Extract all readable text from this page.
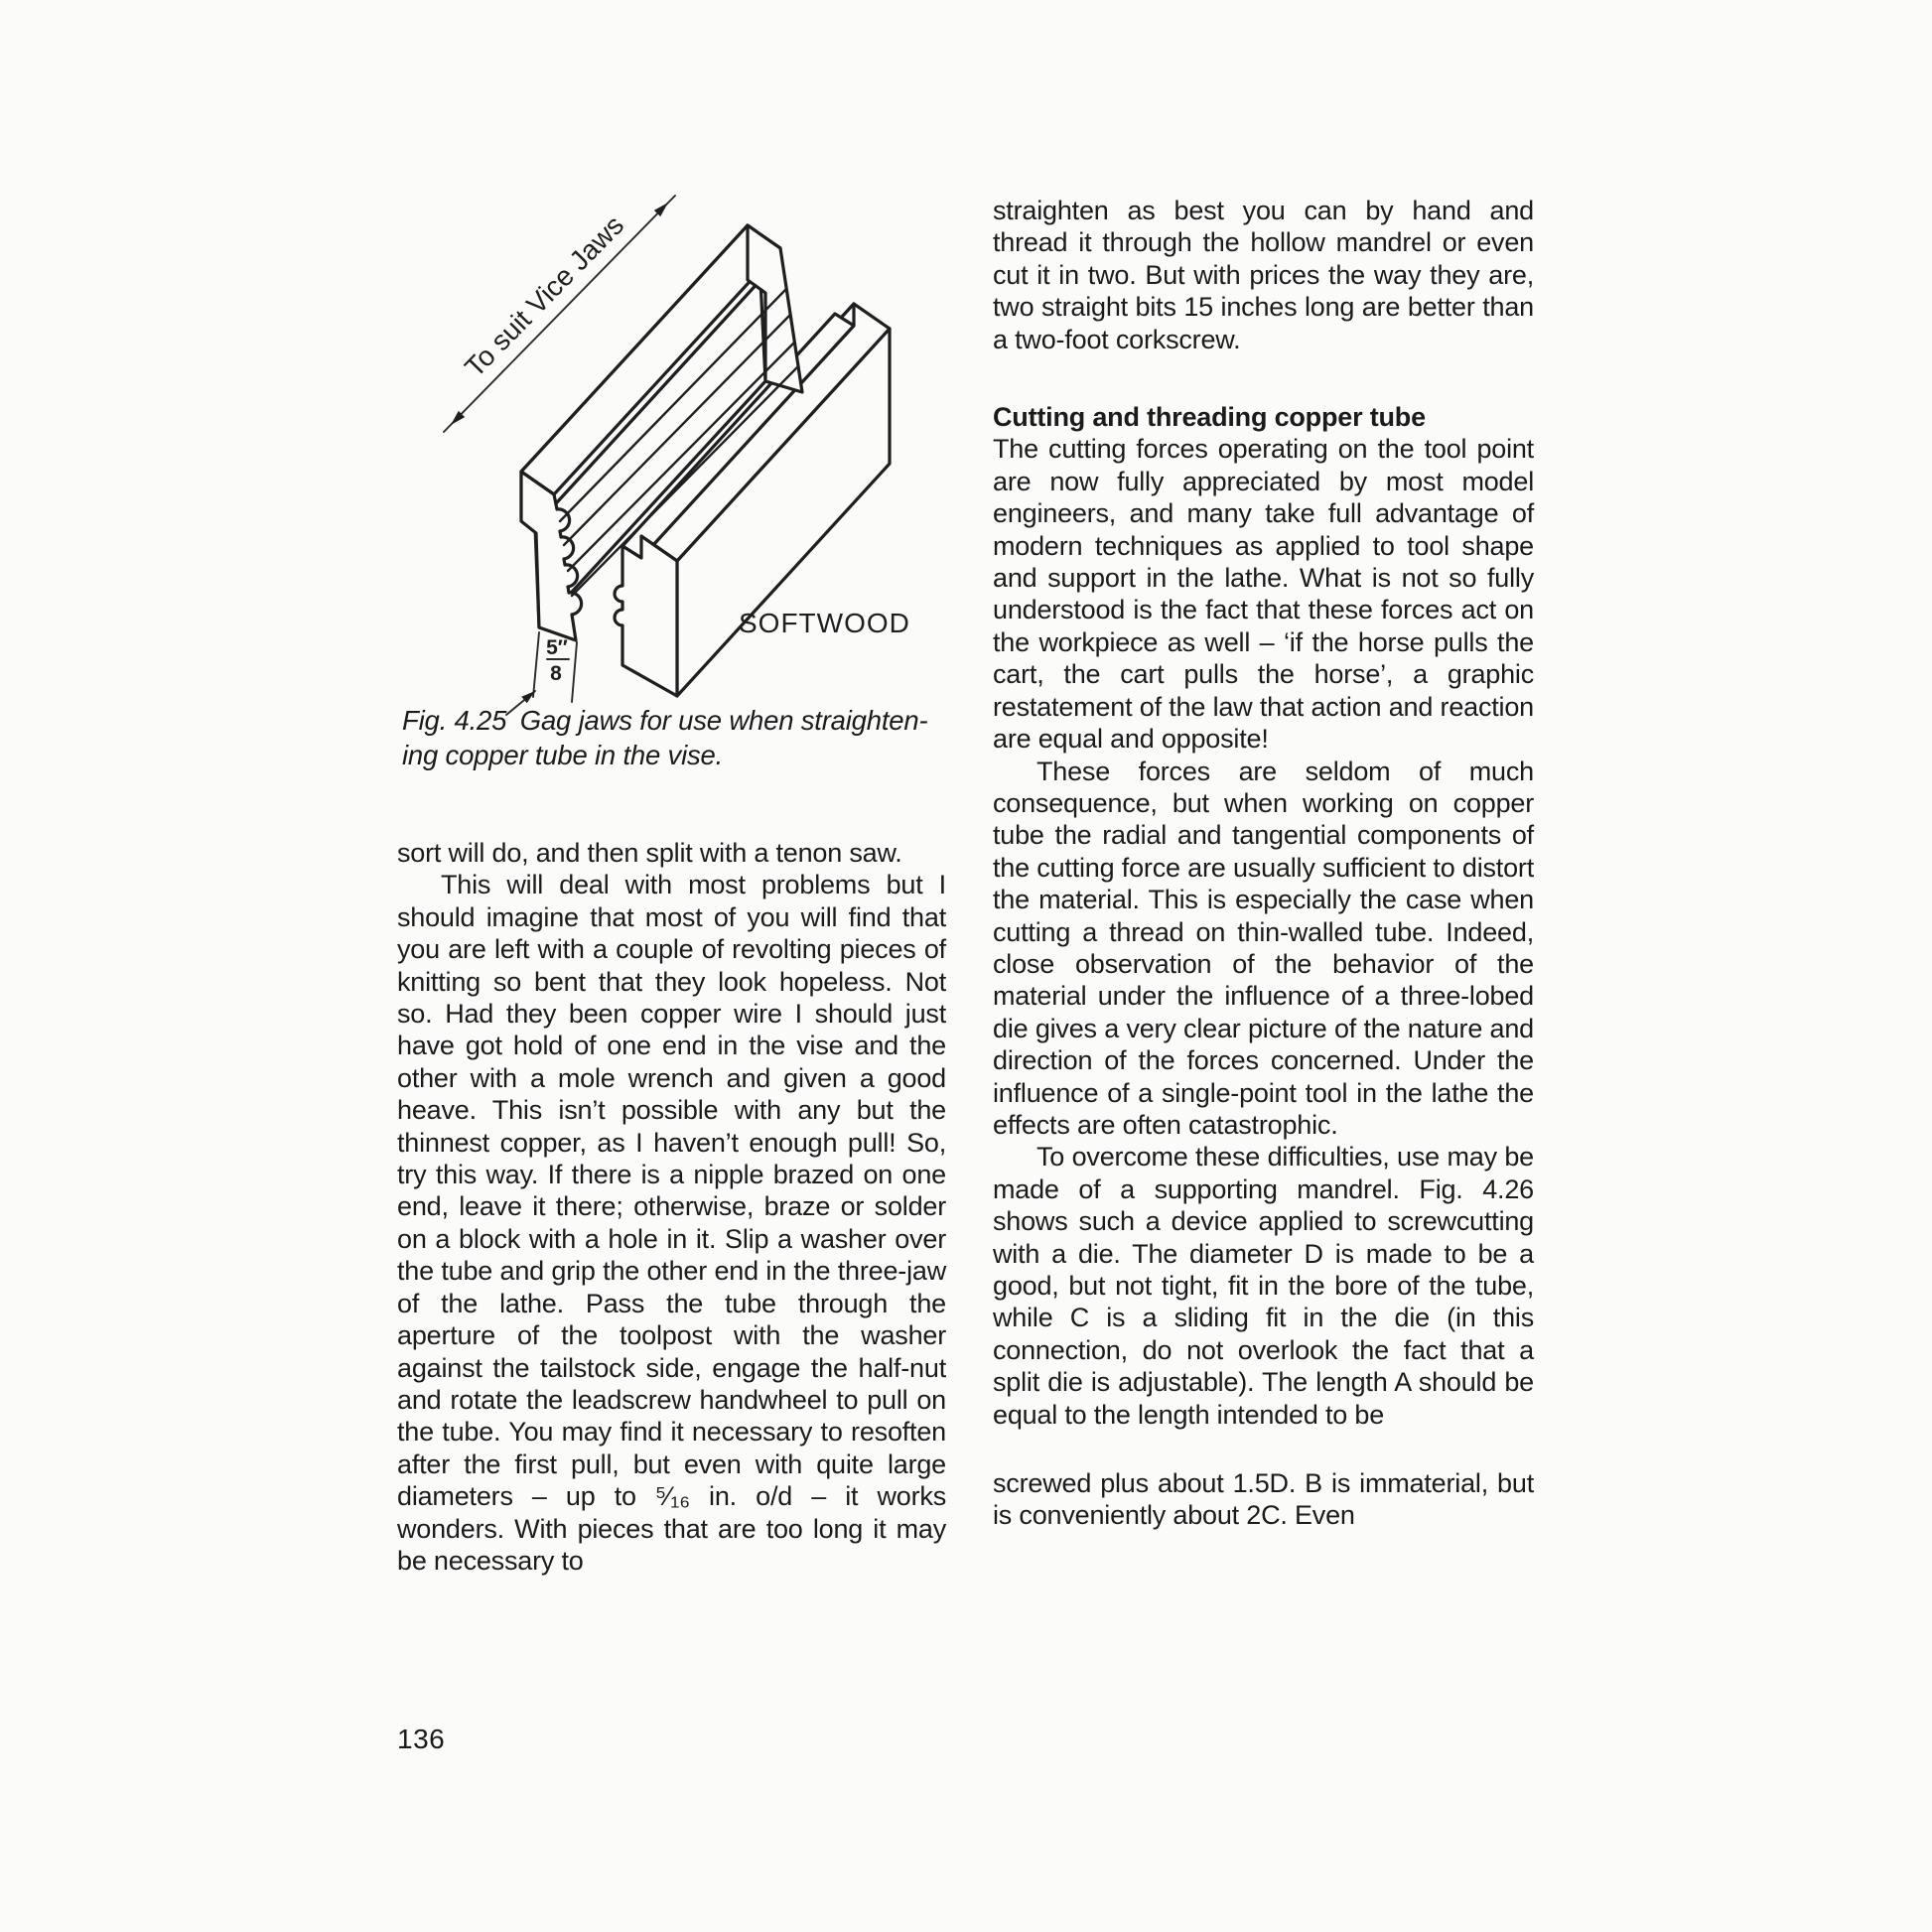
To suit Vice Jaws
5″
8
SOFTWOOD
Fig. 4.25 Gag jaws for use when straightening copper tube in the vise.

sort will do, and then split with a tenon saw.

This will deal with most problems but I should imagine that most of you will find that you are left with a couple of revolting pieces of knitting so bent that they look hopeless. Not so. Had they been copper wire I should just have got hold of one end in the vise and the other with a mole wrench and given a good heave. This isn’t possible with any but the thinnest copper, as I haven’t enough pull! So, try this way. If there is a nipple brazed on one end, leave it there; otherwise, braze or solder on a block with a hole in it. Slip a washer over the tube and grip the other end in the three-jaw of the lathe. Pass the tube through the aperture of the toolpost with the washer against the tailstock side, engage the half-nut and rotate the leadscrew handwheel to pull on the tube. You may find it necessary to resoften after the first pull, but even with quite large diameters – up to ⁵⁄₁₆ in. o/d – it works wonders. With pieces that are too long it may be necessary to

straighten as best you can by hand and thread it through the hollow mandrel or even cut it in two. But with prices the way they are, two straight bits 15 inches long are better than a two-foot corkscrew.

Cutting and threading copper tube

The cutting forces operating on the tool point are now fully appreciated by most model engineers, and many take full advantage of modern techniques as applied to tool shape and support in the lathe. What is not so fully understood is the fact that these forces act on the workpiece as well – ‘if the horse pulls the cart, the cart pulls the horse’, a graphic restatement of the law that action and reaction are equal and opposite!

These forces are seldom of much consequence, but when working on copper tube the radial and tangential components of the cutting force are usually sufficient to distort the material. This is especially the case when cutting a thread on thin-walled tube. Indeed, close observation of the behavior of the material under the influence of a three-lobed die gives a very clear picture of the nature and direction of the forces concerned. Under the influence of a single-point tool in the lathe the effects are often catastrophic.

To overcome these difficulties, use may be made of a supporting mandrel. Fig. 4.26 shows such a device applied to screwcutting with a die. The diameter D is made to be a good, but not tight, fit in the bore of the tube, while C is a sliding fit in the die (in this connection, do not overlook the fact that a split die is adjustable). The length A should be equal to the length intended to be

screwed plus about 1.5D. B is immaterial, but is conveniently about 2C. Even

136
